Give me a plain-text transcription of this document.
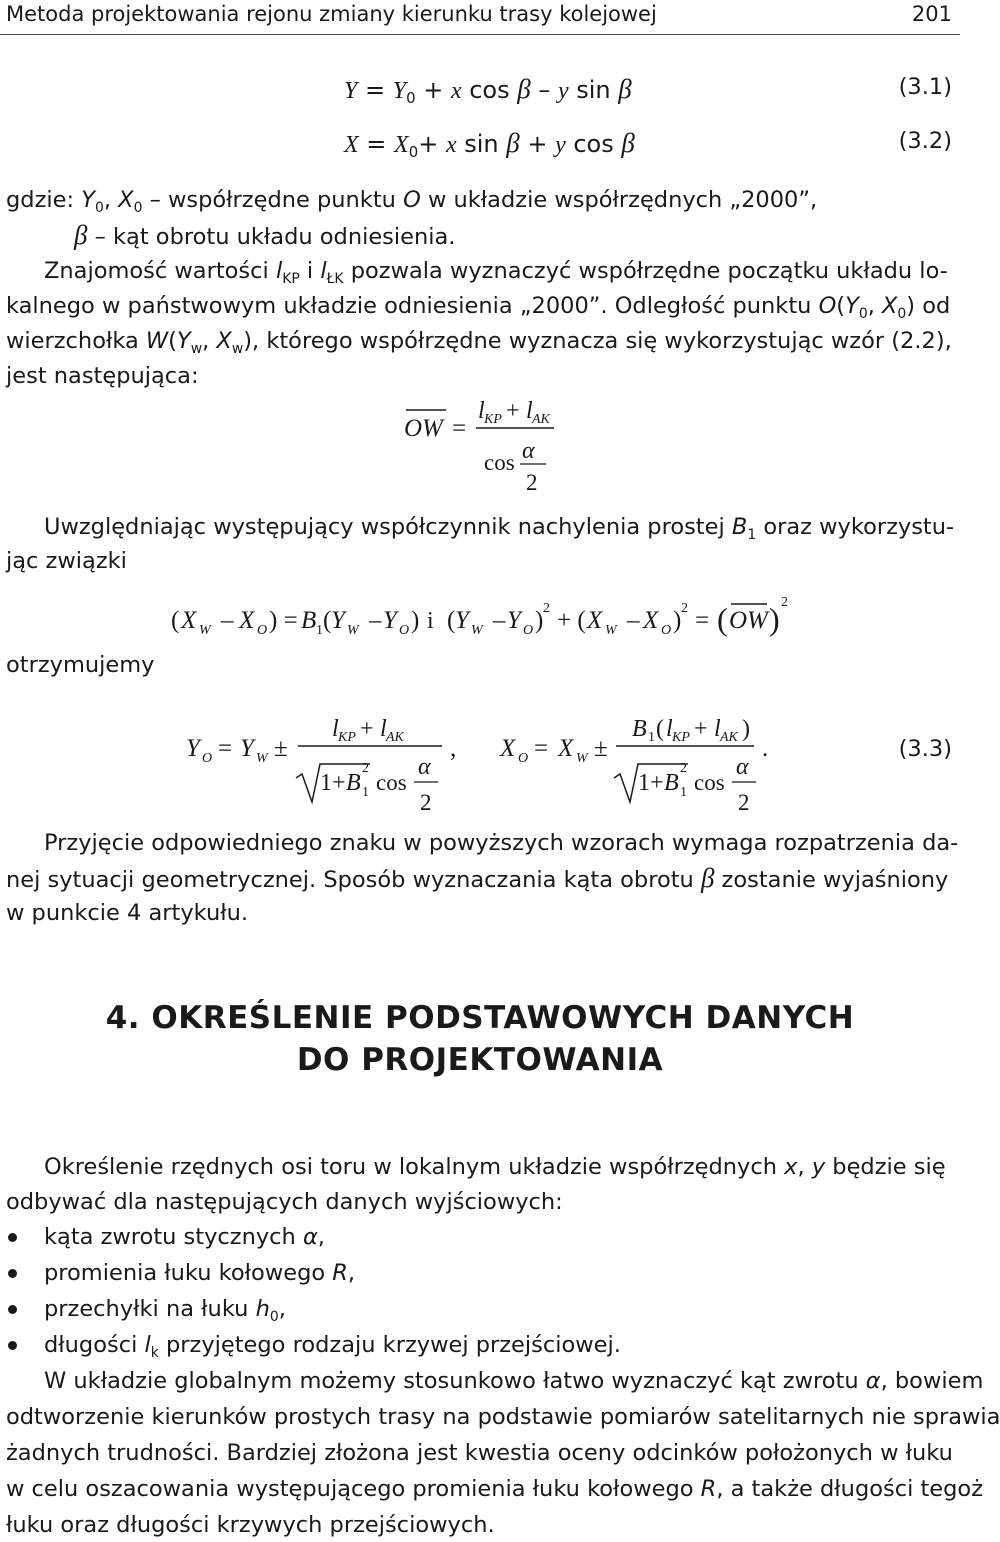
Metoda projektowania rejonu zmiany kierunku trasy kolejowej	201
$Y = Y_0 + x$ cos β – y sin β	(3.1)
$X = X_0+ x$ sin β + y cos β	(3.2)
gdzie: $Y_0$, $X_0$ – współrzędne punktu O w układzie współrzędnych „2000”,
β – kąt obrotu układu odniesienia.
Znajomość wartości $l_{KP}$ i $l_{ŁK}$ pozwala wyznaczyć współrzędne początku układu lo-
kalnego w państwowym układzie odniesienia „2000”. Odległość punktu $O(Y_0$, $X_0$) od
wierzchołka $W(Y_w$, $X_w$), którego współrzędne wyznacza się wykorzystując wzór (2.2),
jest następująca:
OW =
l KP + l AK
α
cos
2
Uwzględniając występujący współczynnik nachylenia prostej $B_1$ oraz wykorzystu-
jąc związki
( X W – X O ) = B 1 ( Y W – Y O ) i ( Y W – Y O ) 2 + ( X W – X O ) 2 = ( OW ) 2
otrzymujemy
Y O = Y W ±
l KP + l AK
1+ B
2
1 cos
α
2
, X O = X W ±
B 1 ( l KP + l AK )
1+ B
2
1 cos
α
2
.	(3.3)
Przyjęcie odpowiedniego znaku w powyższych wzorach wymaga rozpatrzenia da-
nej sytuacji geometrycznej. Sposób wyznaczania kąta obrotu β zostanie wyjaśniony
w punkcie 4 artykułu.
4. OKREŚLENIE PODSTAWOWYCH DANYCH
DO PROJEKTOWANIA
Określenie rzędnych osi toru w lokalnym układzie współrzędnych x, y będzie się
odbywać dla następujących danych wyjściowych:
kąta zwrotu stycznych α,
promienia łuku kołowego R,
przechyłki na łuku $h_0$,
długości $l_k$ przyjętego rodzaju krzywej przejściowej.
W układzie globalnym możemy stosunkowo łatwo wyznaczyć kąt zwrotu α, bowiem
odtworzenie kierunków prostych trasy na podstawie pomiarów satelitarnych nie sprawia
żadnych trudności. Bardziej złożona jest kwestia oceny odcinków położonych w łuku
w celu oszacowania występującego promienia łuku kołowego R, a także długości tegoż
łuku oraz długości krzywych przejściowych.
